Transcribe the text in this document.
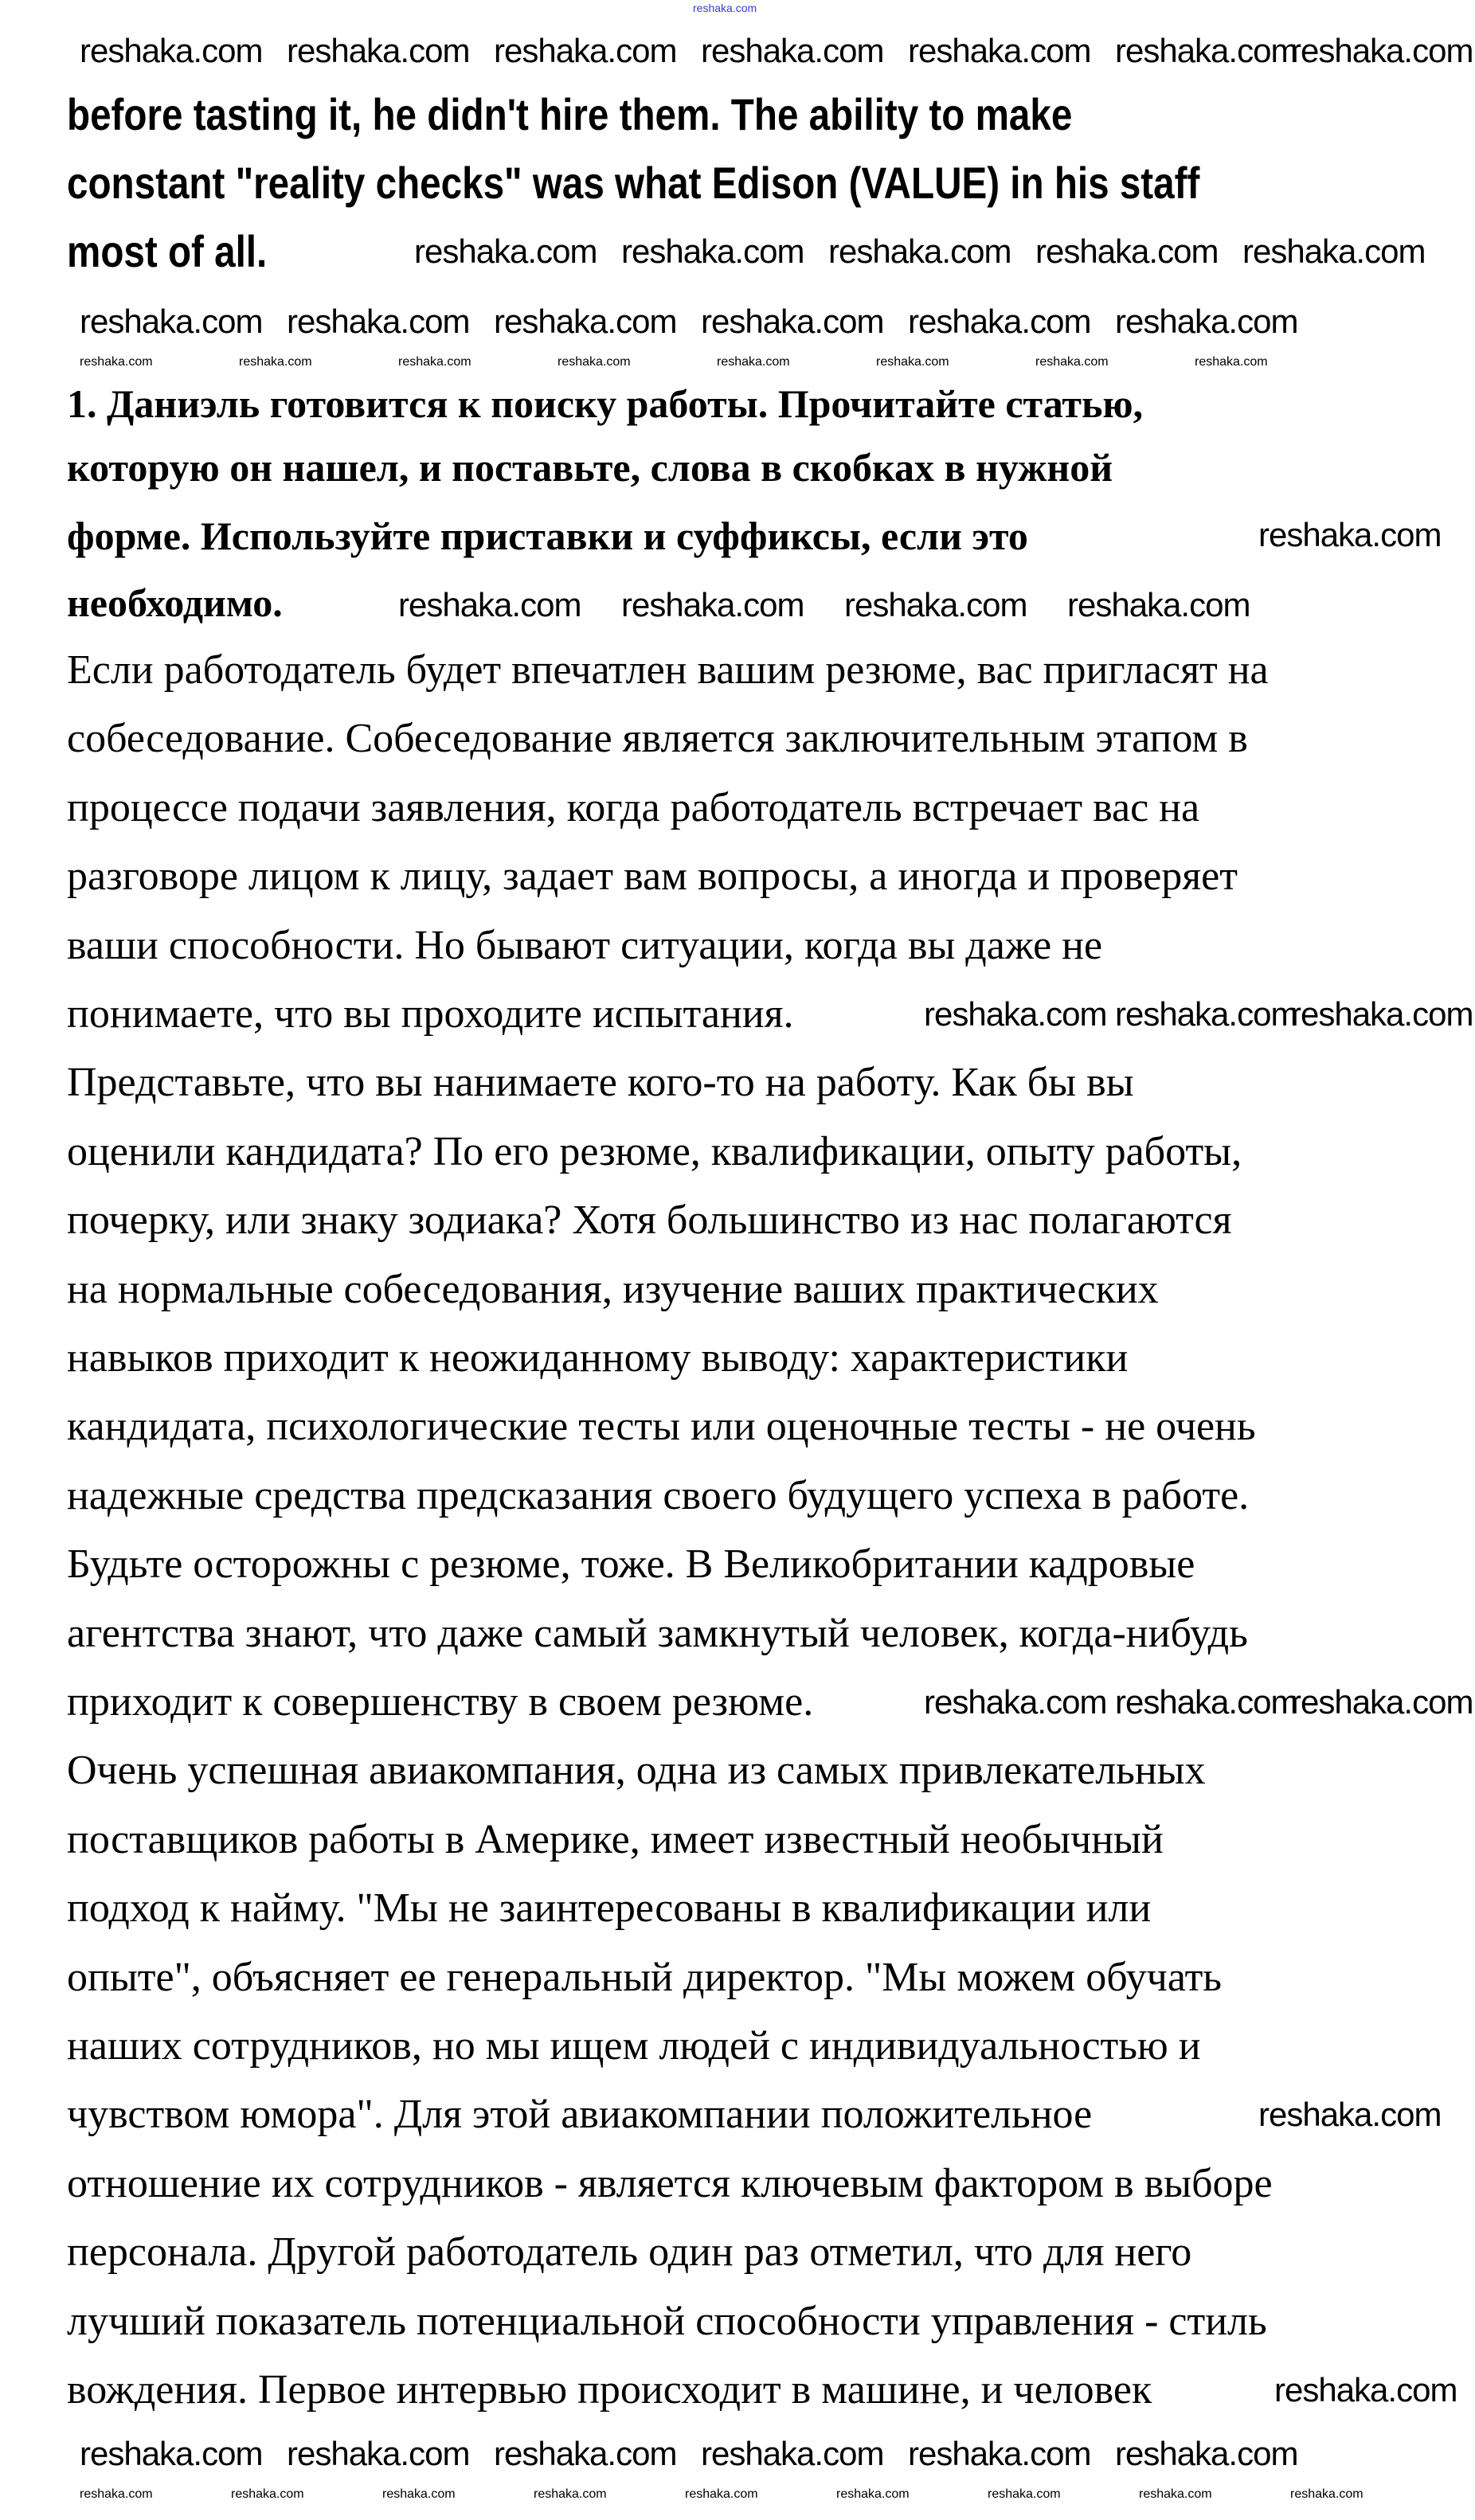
reshaka.com
before tasting it, he didn't hire them. The ability to make
constant "reality checks" was what Edison (VALUE) in his staff
most of all.
1. Даниэль готовится к поиску работы. Прочитайте статью,
которую он нашел, и поставьте, слова в скобках в нужной
форме. Используйте приставки и суффиксы, если это
необходимо.
Если работодатель будет впечатлен вашим резюме, вас пригласят на
собеседование. Собеседование является заключительным этапом в
процессе подачи заявления, когда работодатель встречает вас на
разговоре лицом к лицу, задает вам вопросы, а иногда и проверяет
ваши способности. Но бывают ситуации, когда вы даже не
понимаете, что вы проходите испытания.
Представьте, что вы нанимаете кого-то на работу. Как бы вы
оценили кандидата? По его резюме, квалификации, опыту работы,
почерку, или знаку зодиака? Хотя большинство из нас полагаются
на нормальные собеседования, изучение ваших практических
навыков приходит к неожиданному выводу: характеристики
кандидата, психологические тесты или оценочные тесты - не очень
надежные средства предсказания своего будущего успеха в работе.
Будьте осторожны с резюме, тоже. В Великобритании кадровые
агентства знают, что даже самый замкнутый человек, когда-нибудь
приходит к совершенству в своем резюме.
Очень успешная авиакомпания, одна из самых привлекательных
поставщиков работы в Америке, имеет известный необычный
подход к найму. "Мы не заинтересованы в квалификации или
опыте", объясняет ее генеральный директор. "Мы можем обучать
наших сотрудников, но мы ищем людей с индивидуальностью и
чувством юмора". Для этой авиакомпании положительное
отношение их сотрудников - является ключевым фактором в выборе
персонала. Другой работодатель один раз отметил, что для него
лучший показатель потенциальной способности управления - стиль
вождения. Первое интервью происходит в машине, и человек
reshaka.com reshaka.com reshaka.com reshaka.com reshaka.com reshaka.com
reshaka.com
reshaka.com reshaka.com reshaka.com reshaka.com reshaka.com
reshaka.com reshaka.com reshaka.com reshaka.com reshaka.com reshaka.com
reshaka.com
reshaka.com reshaka.com reshaka.com reshaka.com
reshaka.com reshaka.com
reshaka.com
reshaka.com reshaka.com
reshaka.com
reshaka.com
reshaka.com
reshaka.com reshaka.com reshaka.com reshaka.com reshaka.com reshaka.com
reshaka.com	reshaka.com	reshaka.com	reshaka.com	reshaka.com	reshaka.com	reshaka.com	reshaka.com
reshaka.com	reshaka.com	reshaka.com	reshaka.com	reshaka.com	reshaka.com	reshaka.com	reshaka.com	reshaka.com
